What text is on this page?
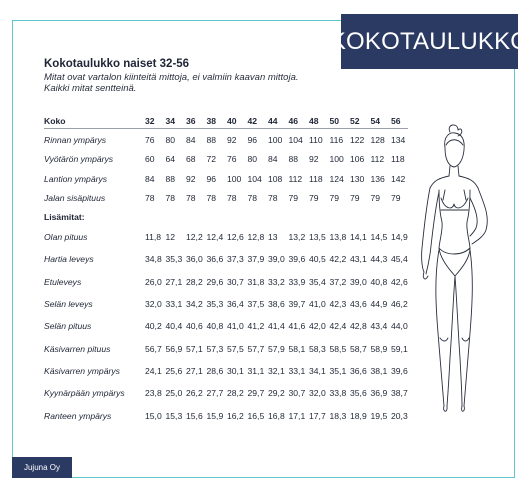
KOKOTAULUKKO
Kokotaulukko naiset 32-56
Mitat ovat vartalon kiinteitä mittoja, ei valmiin kaavan mittoja.
Kaikki mitat sentteinä.
Koko	32	34	36	38	40	42	44	46	48	50	52	54	56

Rinnan ympärys	76	80	84	88	92	96	100	104	110	116	122	128	134
Vyötärön ympärys	60	64	68	72	76	80	84	88	92	100	106	112	118
Lantion ympärys	84	88	92	96	100	104	108	112	118	124	130	136	142
Jalan sisäpituus	78	78	78	78	78	78	78	79	79	79	79	79	79
Lisämitat:													
Olan pituus	11,8	12	12,2	12,4	12,6	12,8	13	13,2	13,5	13,8	14,1	14,5	14,9
Hartia leveys	34,8	35,3	36,0	36,6	37,3	37,9	39,0	39,6	40,5	42,2	43,1	44,3	45,4
Etuleveys	26,0	27,1	28,2	29,6	30,7	31,8	33,2	33,9	35,4	37,2	39,0	40,8	42,6
Selän leveys	32,0	33,1	34,2	35,3	36,4	37,5	38,6	39,7	41,0	42,3	43,6	44,9	46,2
Selän pituus	40,2	40,4	40,6	40,8	41,0	41,2	41,4	41,6	42,0	42,4	42,8	43,4	44,0
Käsivarren pituus	56,7	56,9	57,1	57,3	57,5	57,7	57,9	58,1	58,3	58,5	58,7	58,9	59,1
Käsivarren ympärys	24,1	25,6	27,1	28,6	30,1	31,1	32,1	33,1	34,1	35,1	36,6	38,1	39,6
Kyynärpään ympärys	23,8	25,0	26,2	27,7	28,2	29,7	29,2	30,7	32,0	33,8	35,6	36,9	38,7
Ranteen ympärys	15,0	15,3	15,6	15,9	16,2	16,5	16,8	17,1	17,7	18,3	18,9	19,5	20,3
Jujuna Oy
